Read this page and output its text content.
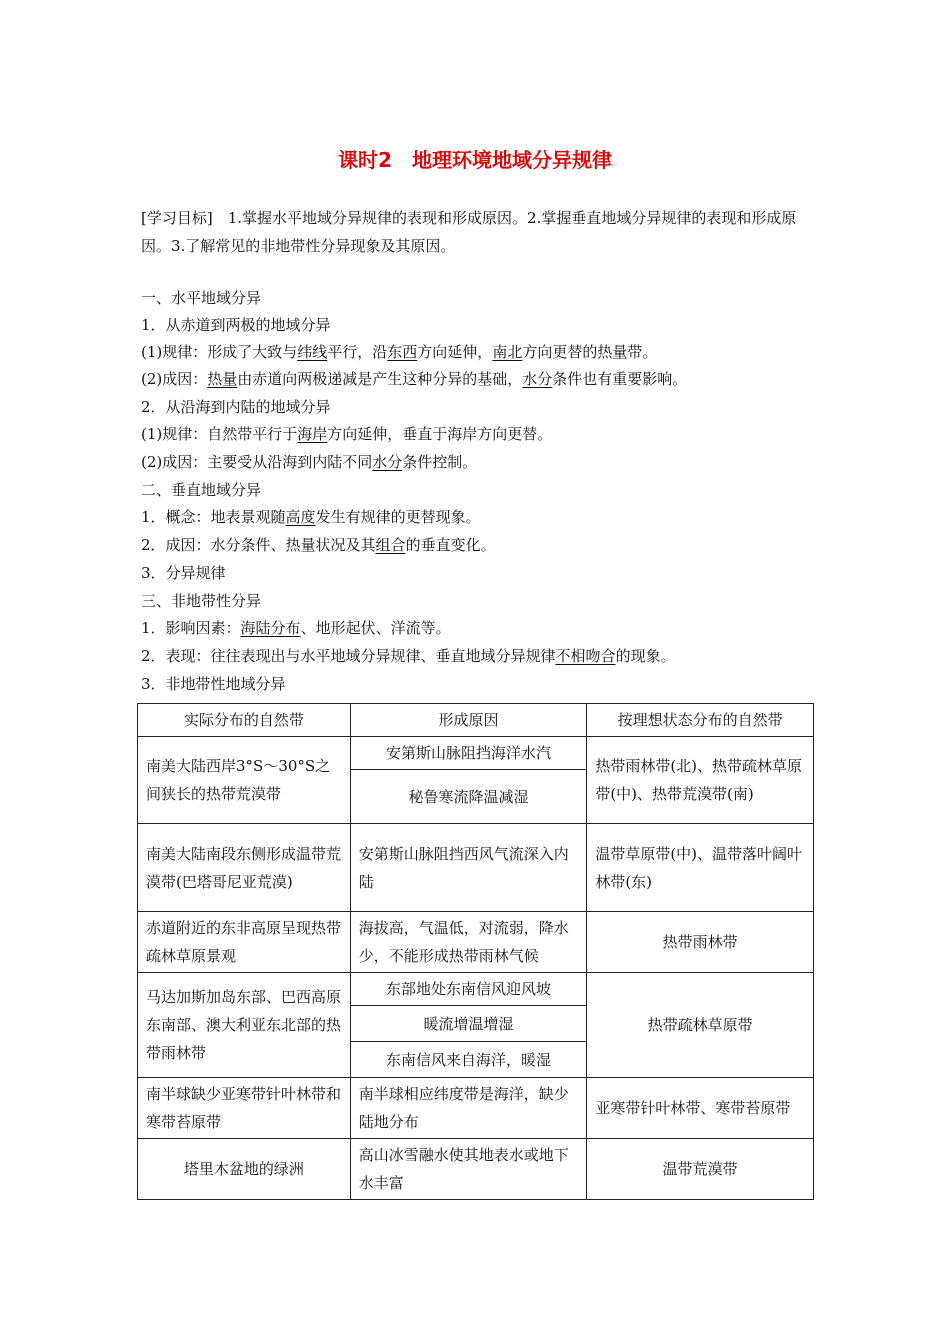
课时2　地理环境地域分异规律
[学习目标]　1.掌握水平地域分异规律的表现和形成原因。2.掌握垂直地域分异规律的表现和形成原因。3.了解常见的非地带性分异现象及其原因。
一、水平地域分异
1．从赤道到两极的地域分异
(1)规律：形成了大致与纬线平行，沿东西方向延伸，南北方向更替的热量带。
(2)成因：热量由赤道向两极递减是产生这种分异的基础，水分条件也有重要影响。
2．从沿海到内陆的地域分异
(1)规律：自然带平行于海岸方向延伸，垂直于海岸方向更替。
(2)成因：主要受从沿海到内陆不同水分条件控制。
二、垂直地域分异
1．概念：地表景观随高度发生有规律的更替现象。
2．成因：水分条件、热量状况及其组合的垂直变化。
3．分异规律
三、非地带性分异
1．影响因素：海陆分布、地形起伏、洋流等。
2．表现：往往表现出与水平地域分异规律、垂直地域分异规律不相吻合的现象。
3．非地带性地域分异
实际分布的自然带	形成原因	按理想状态分布的自然带
南美大陆西岸3°S～30°S之间狭长的热带荒漠带	安第斯山脉阻挡海洋水汽	热带雨林带(北)、热带疏林草原带(中)、热带荒漠带(南)
	秘鲁寒流降温减湿	
南美大陆南段东侧形成温带荒漠带(巴塔哥尼亚荒漠)	安第斯山脉阻挡西风气流深入内陆	温带草原带(中)、温带落叶阔叶林带(东)
赤道附近的东非高原呈现热带疏林草原景观	海拔高，气温低，对流弱，降水少，不能形成热带雨林气候	热带雨林带
马达加斯加岛东部、巴西高原东南部、澳大利亚东北部的热带雨林带	东部地处东南信风迎风坡	热带疏林草原带
	暖流增温增湿	
	东南信风来自海洋，暖湿	
南半球缺少亚寒带针叶林带和寒带苔原带	南半球相应纬度带是海洋，缺少陆地分布	亚寒带针叶林带、寒带苔原带
塔里木盆地的绿洲	高山冰雪融水使其地表水或地下水丰富	温带荒漠带
